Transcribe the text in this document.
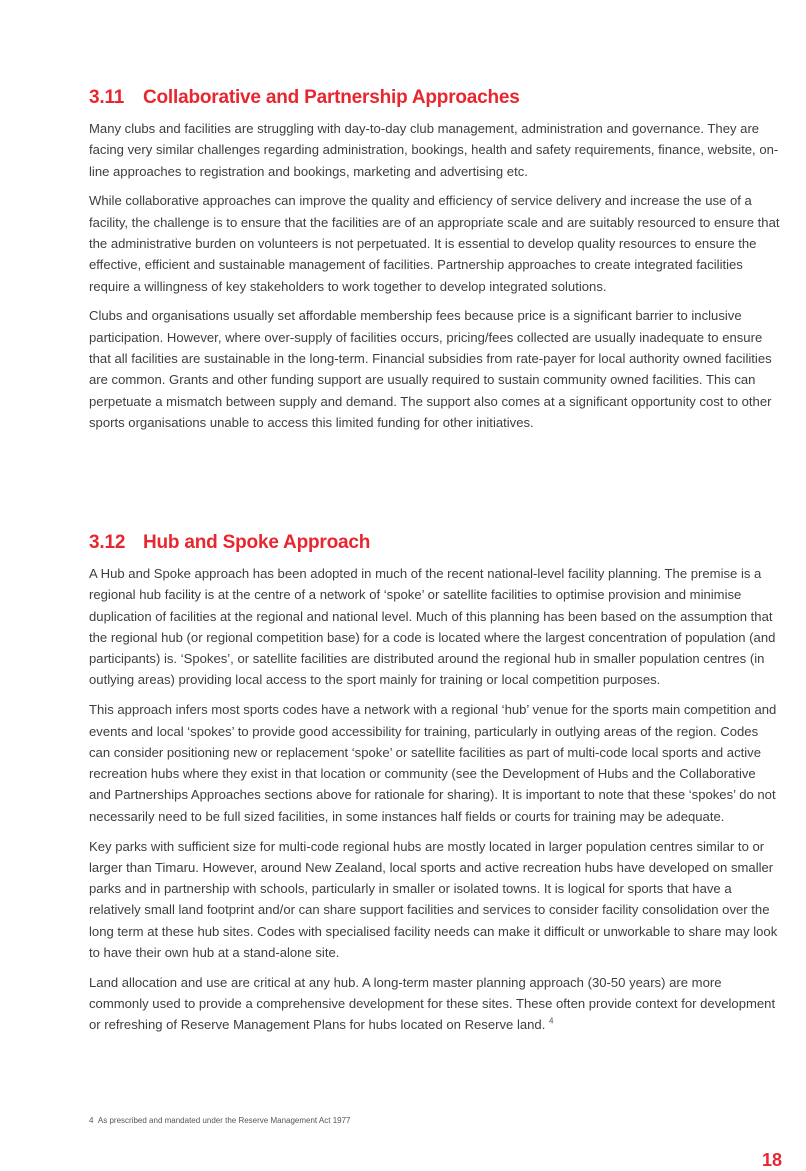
3.11 Collaborative and Partnership Approaches

Many clubs and facilities are struggling with day-to-day club management, administration and governance. They are facing very similar challenges regarding administration, bookings, health and safety requirements, finance, website, on-line approaches to registration and bookings, marketing and advertising etc.

While collaborative approaches can improve the quality and efficiency of service delivery and increase the use of a facility, the challenge is to ensure that the facilities are of an appropriate scale and are suitably resourced to ensure that the administrative burden on volunteers is not perpetuated. It is essential to develop quality resources to ensure the effective, efficient and sustainable management of facilities. Partnership approaches to create integrated facilities require a willingness of key stakeholders to work together to develop integrated solutions.

Clubs and organisations usually set affordable membership fees because price is a significant barrier to inclusive participation. However, where over-supply of facilities occurs, pricing/fees collected are usually inadequate to ensure that all facilities are sustainable in the long-term. Financial subsidies from rate-payer for local authority owned facilities are common. Grants and other funding support are usually required to sustain community owned facilities. This can perpetuate a mismatch between supply and demand. The support also comes at a significant opportunity cost to other sports organisations unable to access this limited funding for other initiatives.

3.12 Hub and Spoke Approach

A Hub and Spoke approach has been adopted in much of the recent national-level facility planning. The premise is a regional hub facility is at the centre of a network of ‘spoke’ or satellite facilities to optimise provision and minimise duplication of facilities at the regional and national level. Much of this planning has been based on the assumption that the regional hub (or regional competition base) for a code is located where the largest concentration of population (and participants) is. ‘Spokes’, or satellite facilities are distributed around the regional hub in smaller population centres (in outlying areas) providing local access to the sport mainly for training or local competition purposes.

This approach infers most sports codes have a network with a regional ‘hub’ venue for the sports main competition and events and local ‘spokes’ to provide good accessibility for training, particularly in outlying areas of the region. Codes can consider positioning new or replacement ‘spoke’ or satellite facilities as part of multi-code local sports and active recreation hubs where they exist in that location or community (see the Development of Hubs and the Collaborative and Partnerships Approaches sections above for rationale for sharing). It is important to note that these ‘spokes’ do not necessarily need to be full sized facilities, in some instances half fields or courts for training may be adequate.

Key parks with sufficient size for multi-code regional hubs are mostly located in larger population centres similar to or larger than Timaru. However, around New Zealand, local sports and active recreation hubs have developed on smaller parks and in partnership with schools, particularly in smaller or isolated towns. It is logical for sports that have a relatively small land footprint and/or can share support facilities and services to consider facility consolidation over the long term at these hub sites. Codes with specialised facility needs can make it difficult or unworkable to share may look to have their own hub at a stand-alone site.

Land allocation and use are critical at any hub. A long-term master planning approach (30-50 years) are more commonly used to provide a comprehensive development for these sites. These often provide context for development or refreshing of Reserve Management Plans for hubs located on Reserve land. $^4$

4 As prescribed and mandated under the Reserve Management Act 1977
18
